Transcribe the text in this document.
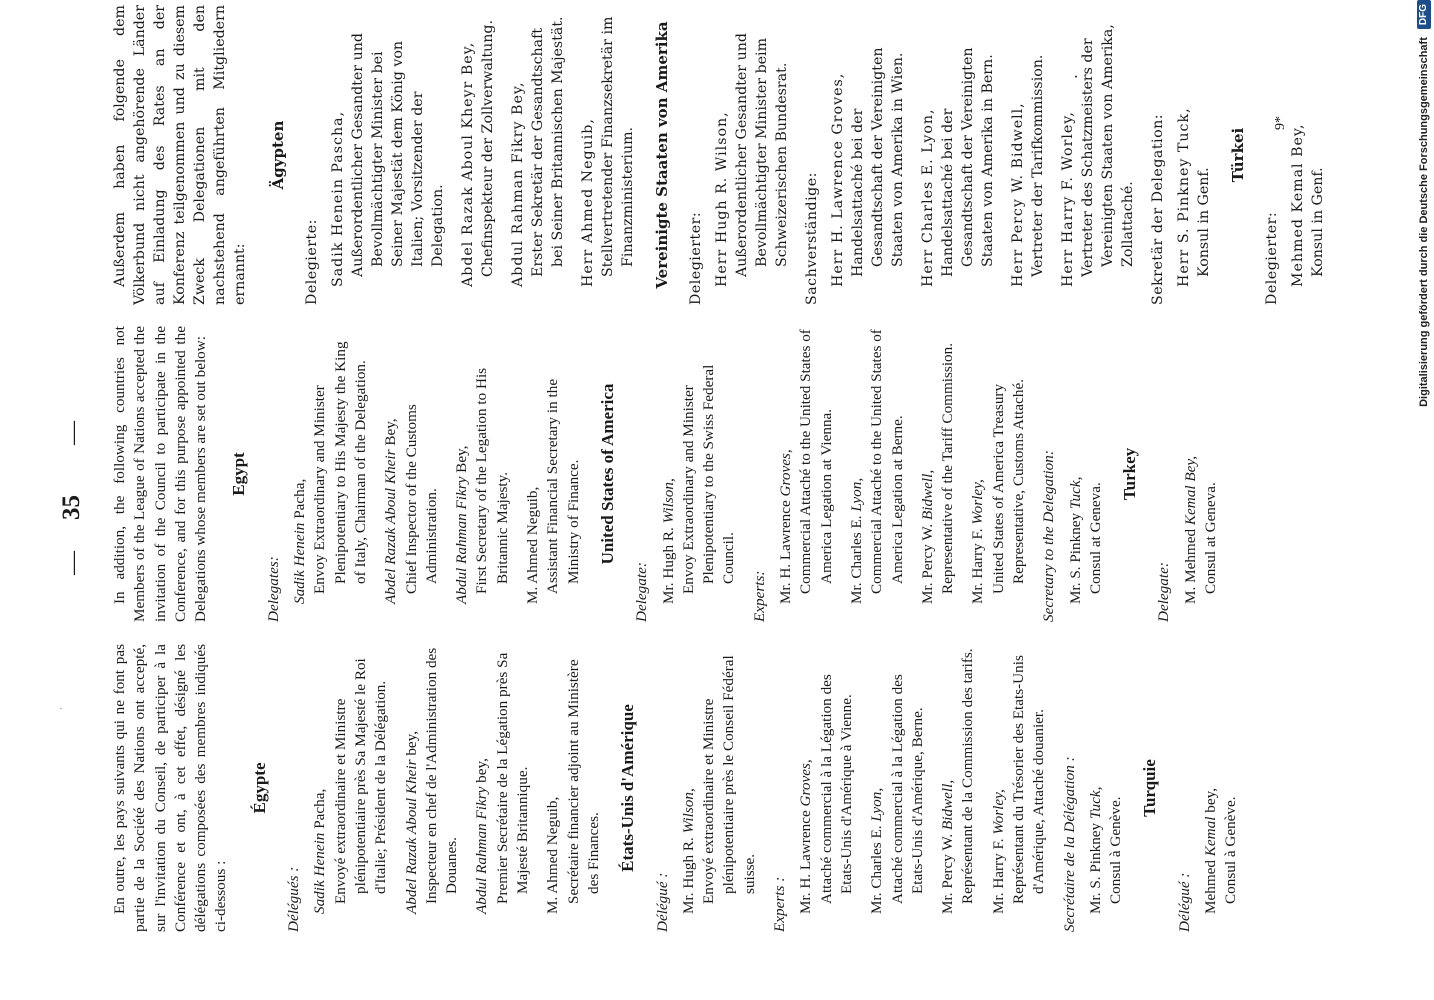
—
35
—

En outre, les pays suivants qui ne font pas partie de la Société des Nations ont accepté, sur l'invitation du Conseil, de participer à la Conférence et ont, à cet effet, désigné les délégations composées des membres indiqués ci-dessous :

Égypte
Délégués : Sadik Henein Pacha, Envoyé extraordinaire et Ministre plénipotentiaire près Sa Majesté le Roi d'Italie; Président de la Délégation. Abdel Razak Aboul Kheir bey, Inspecteur en chef de l'Administration des Douanes. Abdul Rahman Fikry bey, Premier Secrétaire de la Légation près Sa Majesté Britannique. M. Ahmed Neguib, Secrétaire financier adjoint au Ministère des Finances. États-Unis d'Amérique
Délégué : Mr. Hugh R. Wilson, Envoyé extraordinaire et Ministre plénipotentiaire près le Conseil Fédéral suisse.
Experts : Mr. H. Lawrence Groves, Attaché commercial à la Légation des Etats-Unis d'Amérique à Vienne. Mr. Charles E. Lyon, Attaché commercial à la Légation des Etats-Unis d'Amérique, Berne. Mr. Percy W. Bidwell, Représentant de la Commission des tarifs. Mr. Harry F. Worley, Représentant du Trésorier des Etats-Unis d'Amérique, Attaché douanier. Secrétaire de la Délégation : Mr. S. Pinkney Tuck, Consul à Genève.
Turquie
Délégué : Mehmed Kemal bey, Consul à Genève.

In addition, the following countries not Members of the League of Nations accepted the invitation of the Council to participate in the Conference, and for this purpose appointed the Delegations whose members are set out below: Egypt
Delegates: Sadik Henein Pacha, Envoy Extraordinary and Minister Plenipotentiary to His Majesty the King of Italy, Chairman of the Delegation. Abdel Razak Aboul Kheir Bey, Chief Inspector of the Customs Administration. Abdul Rahman Fikry Bey, First Secretary of the Legation to His Britannic Majesty. M. Ahmed Neguib, Assistant Financial Secretary in the Ministry of Finance. United States of America
Delegate: Mr. Hugh R. Wilson, Envoy Extraordinary and Minister Plenipotentiary to the Swiss Federal Council.
Experts: Mr. H. Lawrence Groves, Commercial Attaché to the United States of America Legation at Vienna. Mr. Charles E. Lyon, Commercial Attaché to the United States of America Legation at Berne. Mr. Percy W. Bidwell, Representative of the Tariff Commission. Mr. Harry F. Worley, United States of America Treasury Representative, Customs Attaché. Secretary to the Delegation: Mr. S. Pinkney Tuck, Consul at Geneva.
Turkey
Delegate: M. Mehmed Kemal Bey, Consul at Geneva.

Außerdem haben folgende dem Völkerbund nicht angehörende Länder auf Einladung des Rates an der Konferenz teilgenommen und zu diesem Zweck Delegationen mit den nachstehend angeführten Mitgliedern ernannt:

Ägypten
Delegierte: Sadik Henein Pascha, Außerordentlicher Gesandter und Bevollmächtigter Minister bei Seiner Majestät dem König von Italien; Vorsitzender der Delegation. Abdel Razak Aboul Kheyr Bey, Chefinspekteur der Zollverwaltung. Abdul Rahman Fikry Bey, Erster Sekretär der Gesandtschaft bei Seiner Britannischen Majestät. Herr Ahmed Neguib, Stellvertretender Finanzsekretär im Finanzministerium. Vereinigte Staaten von Amerika Delegierter: Herr Hugh R. Wilson, Außerordentlicher Gesandter und Bevollmächtigter Minister beim Schweizerischen Bundesrat. Sachverständige: Herr H. Lawrence Groves, Handelsattaché bei der Gesandtschaft der Vereinigten Staaten von Amerika in Wien. Herr Charles E. Lyon, Handelsattaché bei der Gesandtschaft der Vereinigten Staaten von Amerika in Bern. Herr Percy W. Bidwell, Vertreter der Tarifkommission. Herr Harry F. Worley, Vertreter des Schatzmeisters der Vereinigten Staaten von Amerika, Zollattaché. Sekretär der Delegation: Herr S. Pinkney Tuck, Konsul in Genf.
Türkei
Delegierter: Mehmed Kemal Bey, Konsul in Genf.
9*
·
•	Digitalisierung gefördert durch die Deutsche Forschungsgemeinschaft
DFG
